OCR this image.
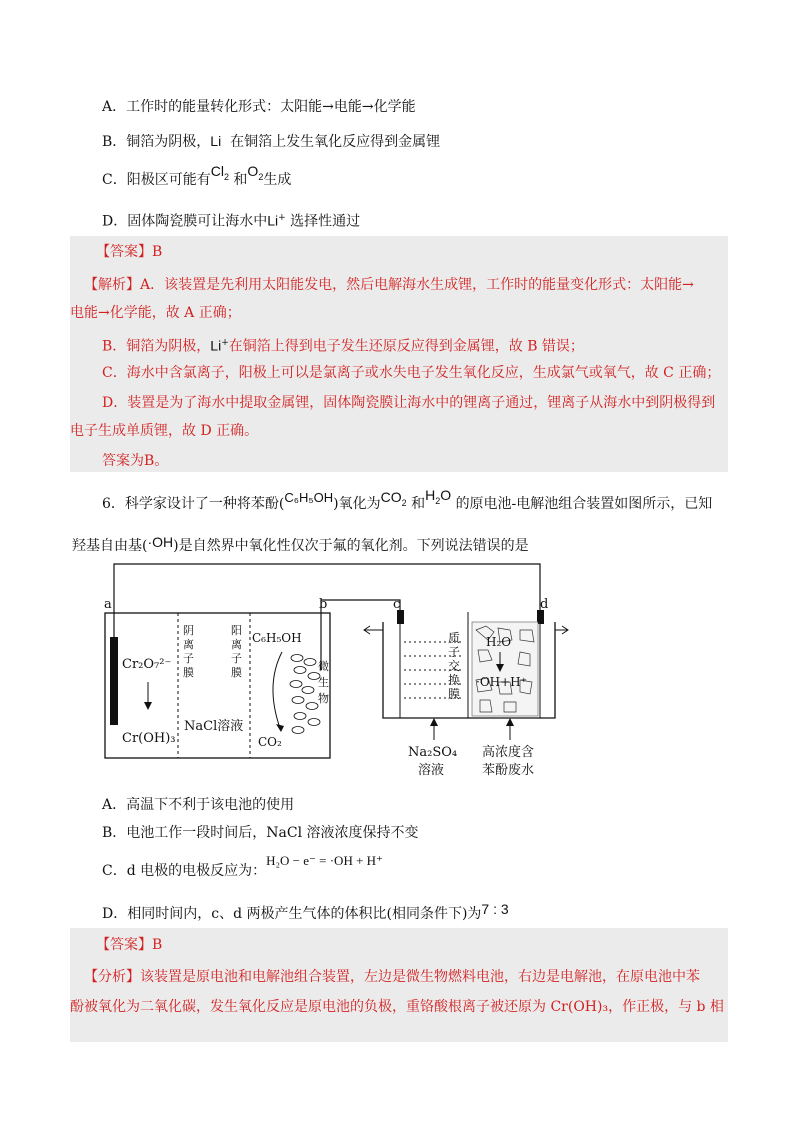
A．工作时的能量转化形式：太阳能→电能→化学能
B．铜箔为阴极，Li 在铜箔上发生氧化反应得到金属锂
C．阳极区可能有$Cl_2$ 和$O_2$生成
D．固体陶瓷膜可让海水中Li+ 选择性通过
【答案】B
【解析】A．该装置是先利用太阳能发电，然后电解海水生成锂，工作时的能量变化形式：太阳能→
电能→化学能，故 A 正确；
B．铜箔为阴极，Li+在铜箔上得到电子发生还原反应得到金属锂，故 B 错误；
C．海水中含氯离子，阳极上可以是氯离子或水失电子发生氧化反应，生成氯气或氧气，故 C 正确；
D．装置是为了海水中提取金属锂，固体陶瓷膜让海水中的锂离子通过，锂离子从海水中到阴极得到
电子生成单质锂，故 D 正确。
答案为B。
6．科学家设计了一种将苯酚(C₆H₅OH)氧化为$CO_2$ 和$H_2O$ 的原电池-电解池组合装置如图所示，已知
羟基自由基(·OH)是自然界中氧化性仅次于氟的氧化剂。下列说法错误的是
a	b
Cr₂O₇²⁻
Cr(OH)₃
阴
离
子
膜
阳
离
子
膜
C₆H₅OH
微
生
物
NaCl溶液
CO₂
c	d
质
子
交
换
膜
H₂O
·OH+H⁺
Na₂SO₄
溶液
高浓度含
苯酚废水
A．高温下不利于该电池的使用
B．电池工作一段时间后，NaCl 溶液浓度保持不变
C．d 电极的电极反应为：H₂O − e⁻ = ·OH + H⁺
D．相同时间内，c、d 两极产生气体的体积比(相同条件下)为7 : 3
【答案】B
【分析】该装置是原电池和电解池组合装置，左边是微生物燃料电池，右边是电解池，在原电池中苯
酚被氧化为二氧化碳，发生氧化反应是原电池的负极，重铬酸根离子被还原为 Cr(OH)₃，作正极，与 b 相
